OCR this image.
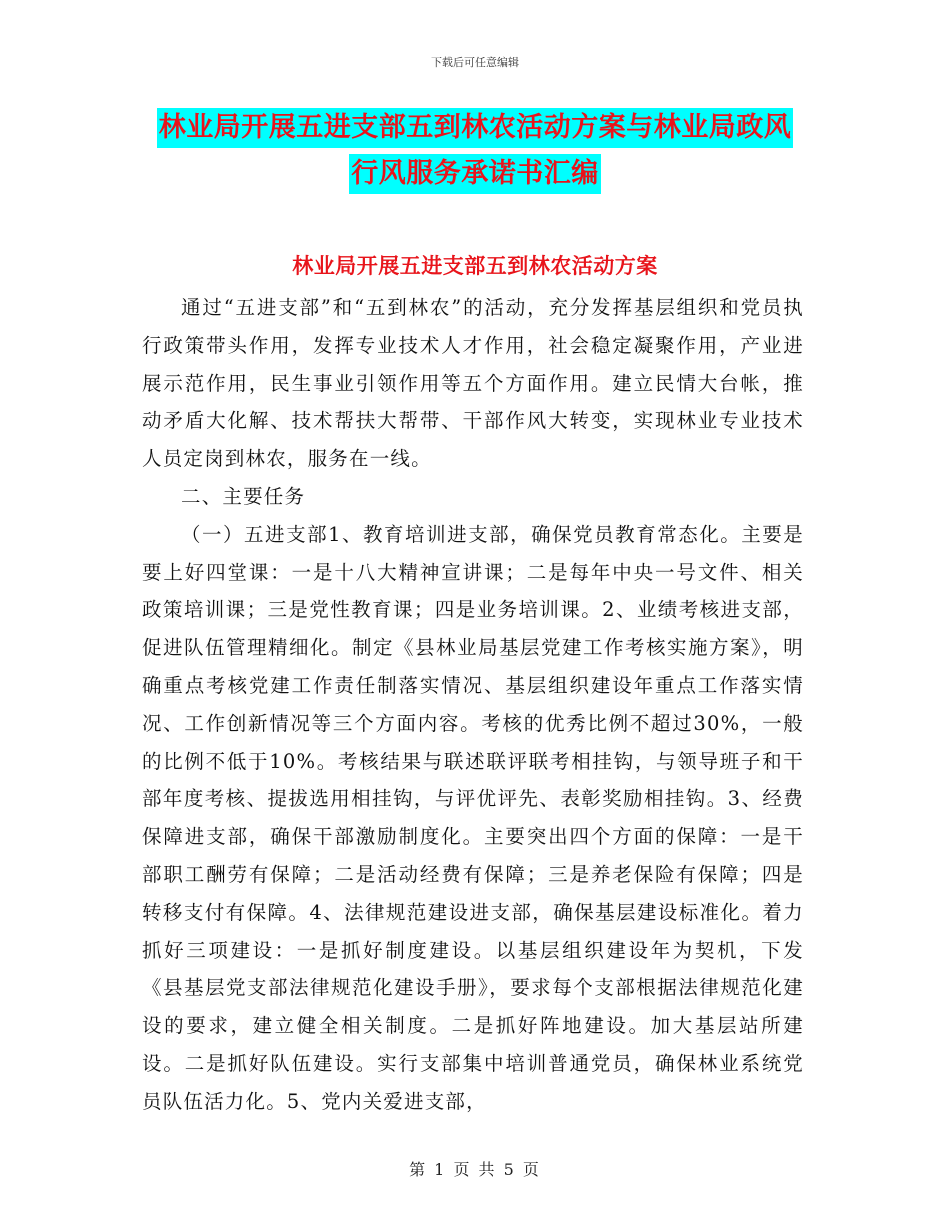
下载后可任意编辑
林业局开展五进支部五到林农活动方案与林业局政风
行风服务承诺书汇编
林业局开展五进支部五到林农活动方案

通过“五进支部”和“五到林农”的活动，充分发挥基层组织和党员执行政策带头作用，发挥专业技术人才作用，社会稳定凝聚作用，产业进展示范作用，民生事业引领作用等五个方面作用。建立民情大台帐，推动矛盾大化解、技术帮扶大帮带、干部作风大转变，实现林业专业技术人员定岗到林农，服务在一线。

二、主要任务

（一）五进支部1、教育培训进支部，确保党员教育常态化。主要是要上好四堂课：一是十八大精神宣讲课；二是每年中央一号文件、相关政策培训课；三是党性教育课；四是业务培训课。2、业绩考核进支部，促进队伍管理精细化。制定《县林业局基层党建工作考核实施方案》，明确重点考核党建工作责任制落实情况、基层组织建设年重点工作落实情况、工作创新情况等三个方面内容。考核的优秀比例不超过30%，一般的比例不低于10%。考核结果与联述联评联考相挂钩，与领导班子和干部年度考核、提拔选用相挂钩，与评优评先、表彰奖励相挂钩。3、经费保障进支部，确保干部激励制度化。主要突出四个方面的保障：一是干部职工酬劳有保障；二是活动经费有保障；三是养老保险有保障；四是转移支付有保障。4、法律规范建设进支部，确保基层建设标准化。着力抓好三项建设：一是抓好制度建设。以基层组织建设年为契机，下发《县基层党支部法律规范化建设手册》，要求每个支部根据法律规范化建设的要求，建立健全相关制度。二是抓好阵地建设。加大基层站所建设。二是抓好队伍建设。实行支部集中培训普通党员，确保林业系统党员队伍活力化。5、党内关爱进支部，

第 1 页 共 5 页
